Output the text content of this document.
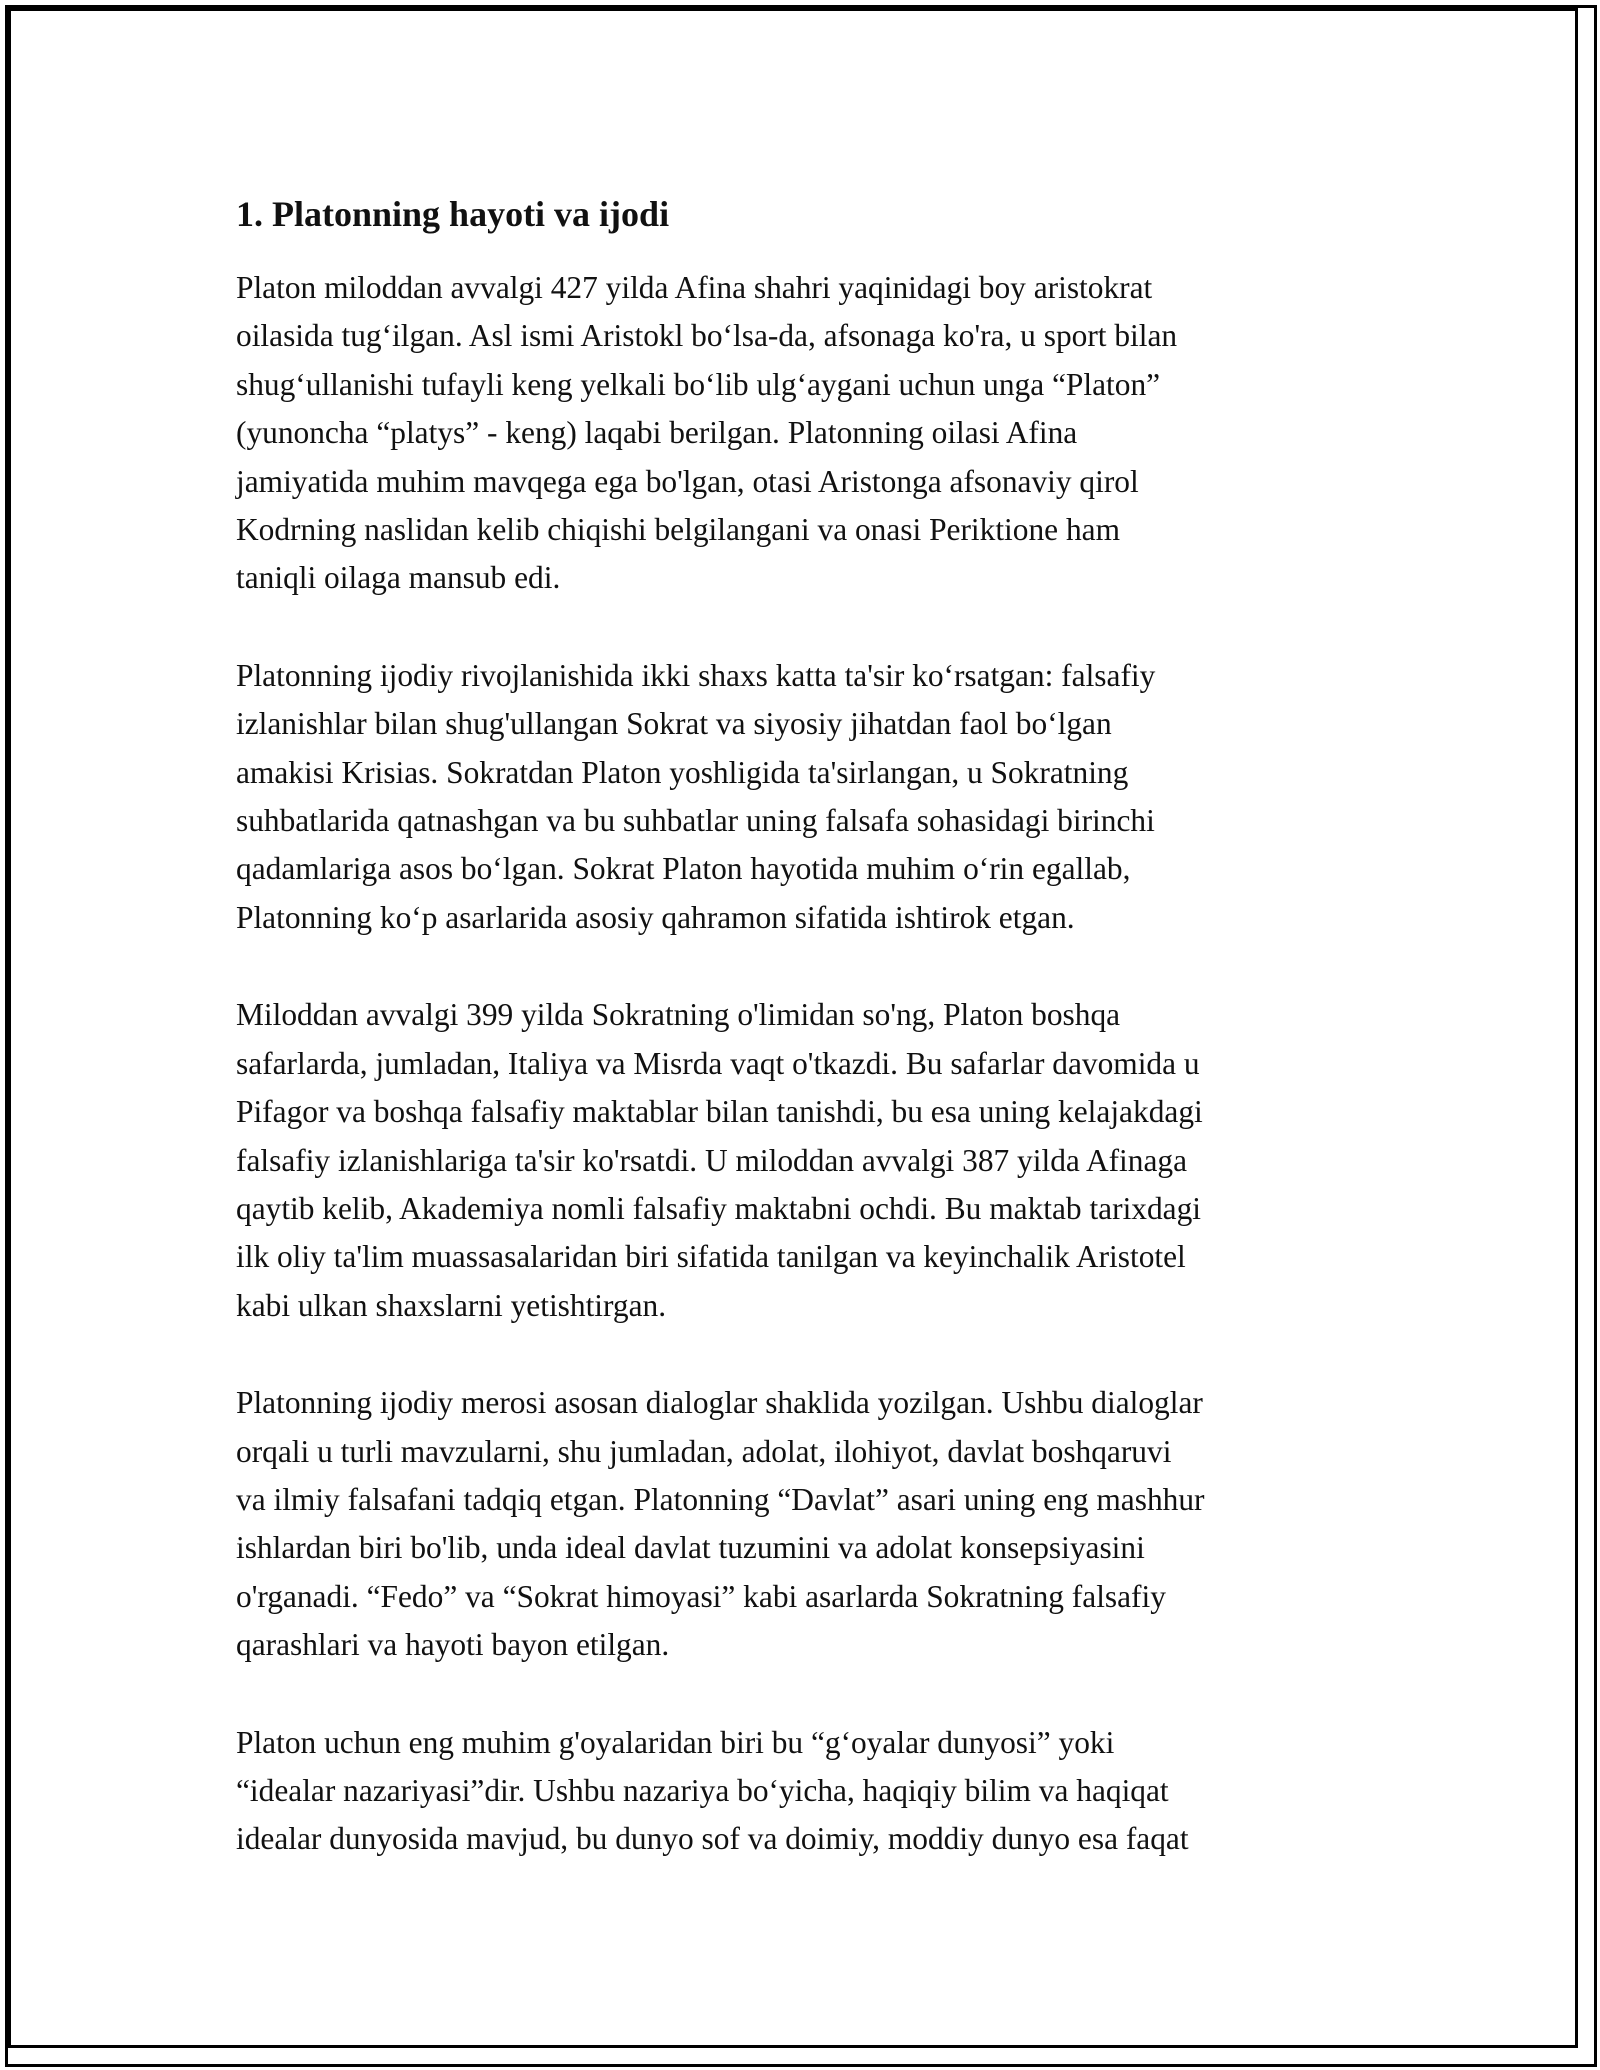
1. Platonning hayoti va ijodi

Platon miloddan avvalgi 427 yilda Afina shahri yaqinidagi boy aristokrat
oilasida tug‘ilgan. Asl ismi Aristokl bo‘lsa-da, afsonaga ko'ra, u sport bilan
shug‘ullanishi tufayli keng yelkali bo‘lib ulg‘aygani uchun unga “Platon”
(yunoncha “platys” - keng) laqabi berilgan. Platonning oilasi Afina
jamiyatida muhim mavqega ega bo'lgan, otasi Aristonga afsonaviy qirol
Kodrning naslidan kelib chiqishi belgilangani va onasi Periktione ham
taniqli oilaga mansub edi.

Platonning ijodiy rivojlanishida ikki shaxs katta ta'sir ko‘rsatgan: falsafiy
izlanishlar bilan shug'ullangan Sokrat va siyosiy jihatdan faol bo‘lgan
amakisi Krisias. Sokratdan Platon yoshligida ta'sirlangan, u Sokratning
suhbatlarida qatnashgan va bu suhbatlar uning falsafa sohasidagi birinchi
qadamlariga asos bo‘lgan. Sokrat Platon hayotida muhim o‘rin egallab,
Platonning ko‘p asarlarida asosiy qahramon sifatida ishtirok etgan.

Miloddan avvalgi 399 yilda Sokratning o'limidan so'ng, Platon boshqa
safarlarda, jumladan, Italiya va Misrda vaqt o'tkazdi. Bu safarlar davomida u
Pifagor va boshqa falsafiy maktablar bilan tanishdi, bu esa uning kelajakdagi
falsafiy izlanishlariga ta'sir ko'rsatdi. U miloddan avvalgi 387 yilda Afinaga
qaytib kelib, Akademiya nomli falsafiy maktabni ochdi. Bu maktab tarixdagi
ilk oliy ta'lim muassasalaridan biri sifatida tanilgan va keyinchalik Aristotel
kabi ulkan shaxslarni yetishtirgan.

Platonning ijodiy merosi asosan dialoglar shaklida yozilgan. Ushbu dialoglar
orqali u turli mavzularni, shu jumladan, adolat, ilohiyot, davlat boshqaruvi
va ilmiy falsafani tadqiq etgan. Platonning “Davlat” asari uning eng mashhur
ishlardan biri bo'lib, unda ideal davlat tuzumini va adolat konsepsiyasini
o'rganadi. “Fedo” va “Sokrat himoyasi” kabi asarlarda Sokratning falsafiy
qarashlari va hayoti bayon etilgan.

Platon uchun eng muhim g'oyalaridan biri bu “g‘oyalar dunyosi” yoki
“idealar nazariyasi”dir. Ushbu nazariya bo‘yicha, haqiqiy bilim va haqiqat
idealar dunyosida mavjud, bu dunyo sof va doimiy, moddiy dunyo esa faqat
